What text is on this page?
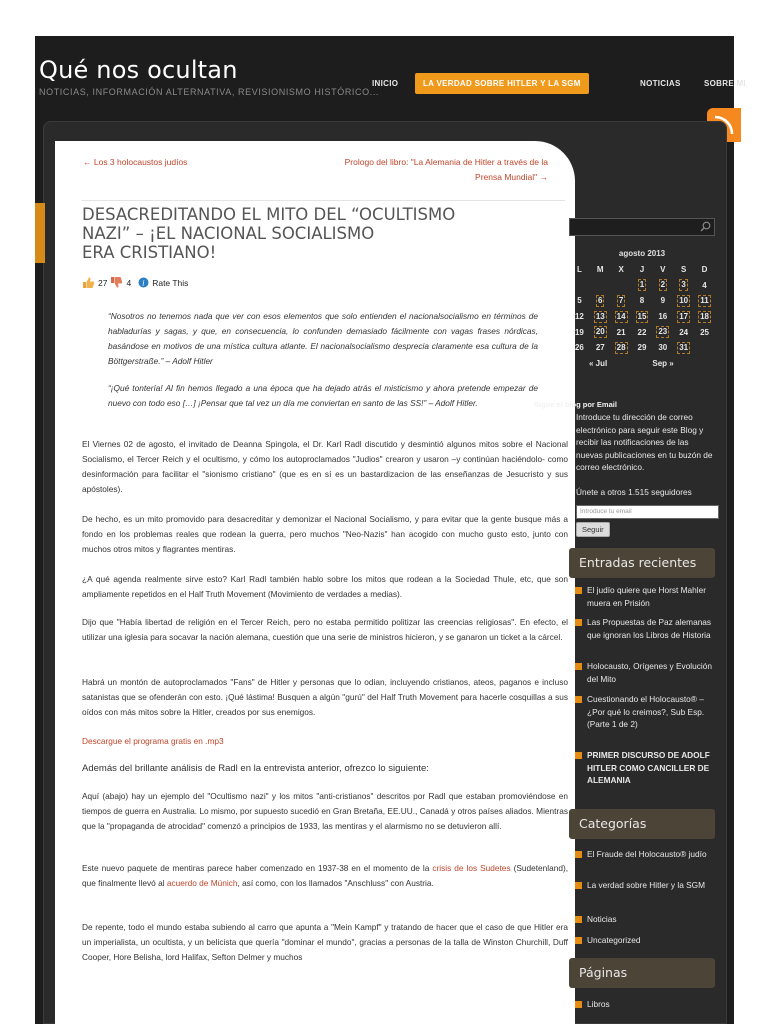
Qué nos ocultan
NOTICIAS, INFORMACIÓN ALTERNATIVA, REVISIONISMO HISTÓRICO...
INICIO	LA VERDAD SOBRE HITLER Y LA SGM	NOTICIAS	SOBRE MI
← Los 3 holocaustos judíos	Prologo del libro: "La Alemania de Hitler a través de la
Prensa Mundial" →
DESACREDITANDO EL MITO DEL “OCULTISMO
NAZI” – ¡EL NACIONAL SOCIALISMO
ERA CRISTIANO!
27 4 i Rate This
“Nosotros no tenemos nada que ver con esos elementos que solo entienden el nacionalsocialismo en términos de habladurías y sagas, y que, en consecuencia, lo confunden demasiado fácilmente con vagas frases nórdicas, basándose en motivos de una mística cultura atlante. El nacionalsocialismo desprecia claramente esa cultura de la Böttgerstraße.” – Adolf Hitler
“¡Qué tontería! Al fin hemos llegado a una época que ha dejado atrás el misticismo y ahora pretende empezar de nuevo con todo eso […] ¡Pensar que tal vez un día me conviertan en santo de las SS!” – Adolf Hitler.
El Viernes 02 de agosto, el invitado de Deanna Spingola, el Dr. Karl Radl discutido y desmintió algunos mitos sobre el Nacional Socialismo, el Tercer Reich y el ocultismo, y cómo los autoproclamados "Judios" crearon y usaron –y continúan haciéndolo- como desinformación para facilitar el "sionismo cristiano" (que es en sí es un bastardizacion de las enseñanzas de Jesucristo y sus apóstoles).
De hecho, es un mito promovido para desacreditar y demonizar el Nacional Socialismo, y para evitar que la gente busque más a fondo en los problemas reales que rodean la guerra, pero muchos "Neo-Nazis" han acogido con mucho gusto esto, junto con muchos otros mitos y flagrantes mentiras.
¿A qué agenda realmente sirve esto? Karl Radl también hablo sobre los mitos que rodean a la Sociedad Thule, etc, que son ampliamente repetidos en el Half Truth Movement (Movimiento de verdades a medias).
Dijo que "Había libertad de religión en el Tercer Reich, pero no estaba permitido politizar las creencias religiosas". En efecto, el utilizar una iglesia para socavar la nación alemana, cuestión que una serie de ministros hicieron, y se ganaron un ticket a la cárcel.
Habrá un montón de autoproclamados "Fans" de Hitler y personas que lo odian, incluyendo cristianos, ateos, paganos e incluso satanistas que se ofenderán con esto. ¡Qué lástima! Busquen a algún "gurú" del Half Truth Movement para hacerle cosquillas a sus oídos con más mitos sobre la Hitler, creados por sus enemigos.
Descargue el programa gratis en .mp3
Además del brillante análisis de Radl en la entrevista anterior, ofrezco lo siguiente:
Aquí (abajo) hay un ejemplo del "Ocultismo nazi" y los mitos "anti-cristianos" descritos por Radl que estaban promoviéndose en tiempos de guerra en Australia. Lo mismo, por supuesto sucedió en Gran Bretaña, EE.UU., Canadá y otros países aliados. Mientras que la "propaganda de atrocidad" comenzó a principios de 1933, las mentiras y el alarmismo no se detuvieron allí.
Este nuevo paquete de mentiras parece haber comenzado en 1937-38 en el momento de la crisis de los Sudetes (Sudetenland), que finalmente llevó al acuerdo de Múnich, así como, con los llamados "Anschluss" con Austria.
De repente, todo el mundo estaba subiendo al carro que apunta a "Mein Kampf" y tratando de hacer que el caso de que Hitler era un imperialista, un ocultista, y un belicista que quería "dominar el mundo", gracias a personas de la talla de Winston Churchill, Duff Cooper, Hore Belisha, lord Halifax, Sefton Delmer y muchos
agosto 2013
L	M	X	J	V	S	D
			1	2	3	4
5	6	7	8	9	10	11
12	13	14	15	16	17	18
19	20	21	22	23	24	25
26	27	28	29	30	31	
« Jul				Sep »		
Sigue el blog por Email
Introduce tu dirección de correo electrónico para seguir este Blog y recibir las notificaciones de las nuevas publicaciones en tu buzón de correo electrónico.
Únete a otros 1.515 seguidores
Introduce tu email
Seguir
Entradas recientes
El judío quiere que Horst Mahler muera en Prisión
Las Propuestas de Paz alemanas que ignoran los Libros de Historia
Holocausto, Orígenes y Evolución del Mito
Cuestionando el Holocausto® – ¿Por qué lo creimos?, Sub Esp. (Parte 1 de 2)
PRIMER DISCURSO DE ADOLF HITLER COMO CANCILLER DE ALEMANIA
Categorías
El Fraude del Holocausto® judío
La verdad sobre Hitler y la SGM
Noticias
Uncategorized
Páginas
Libros
